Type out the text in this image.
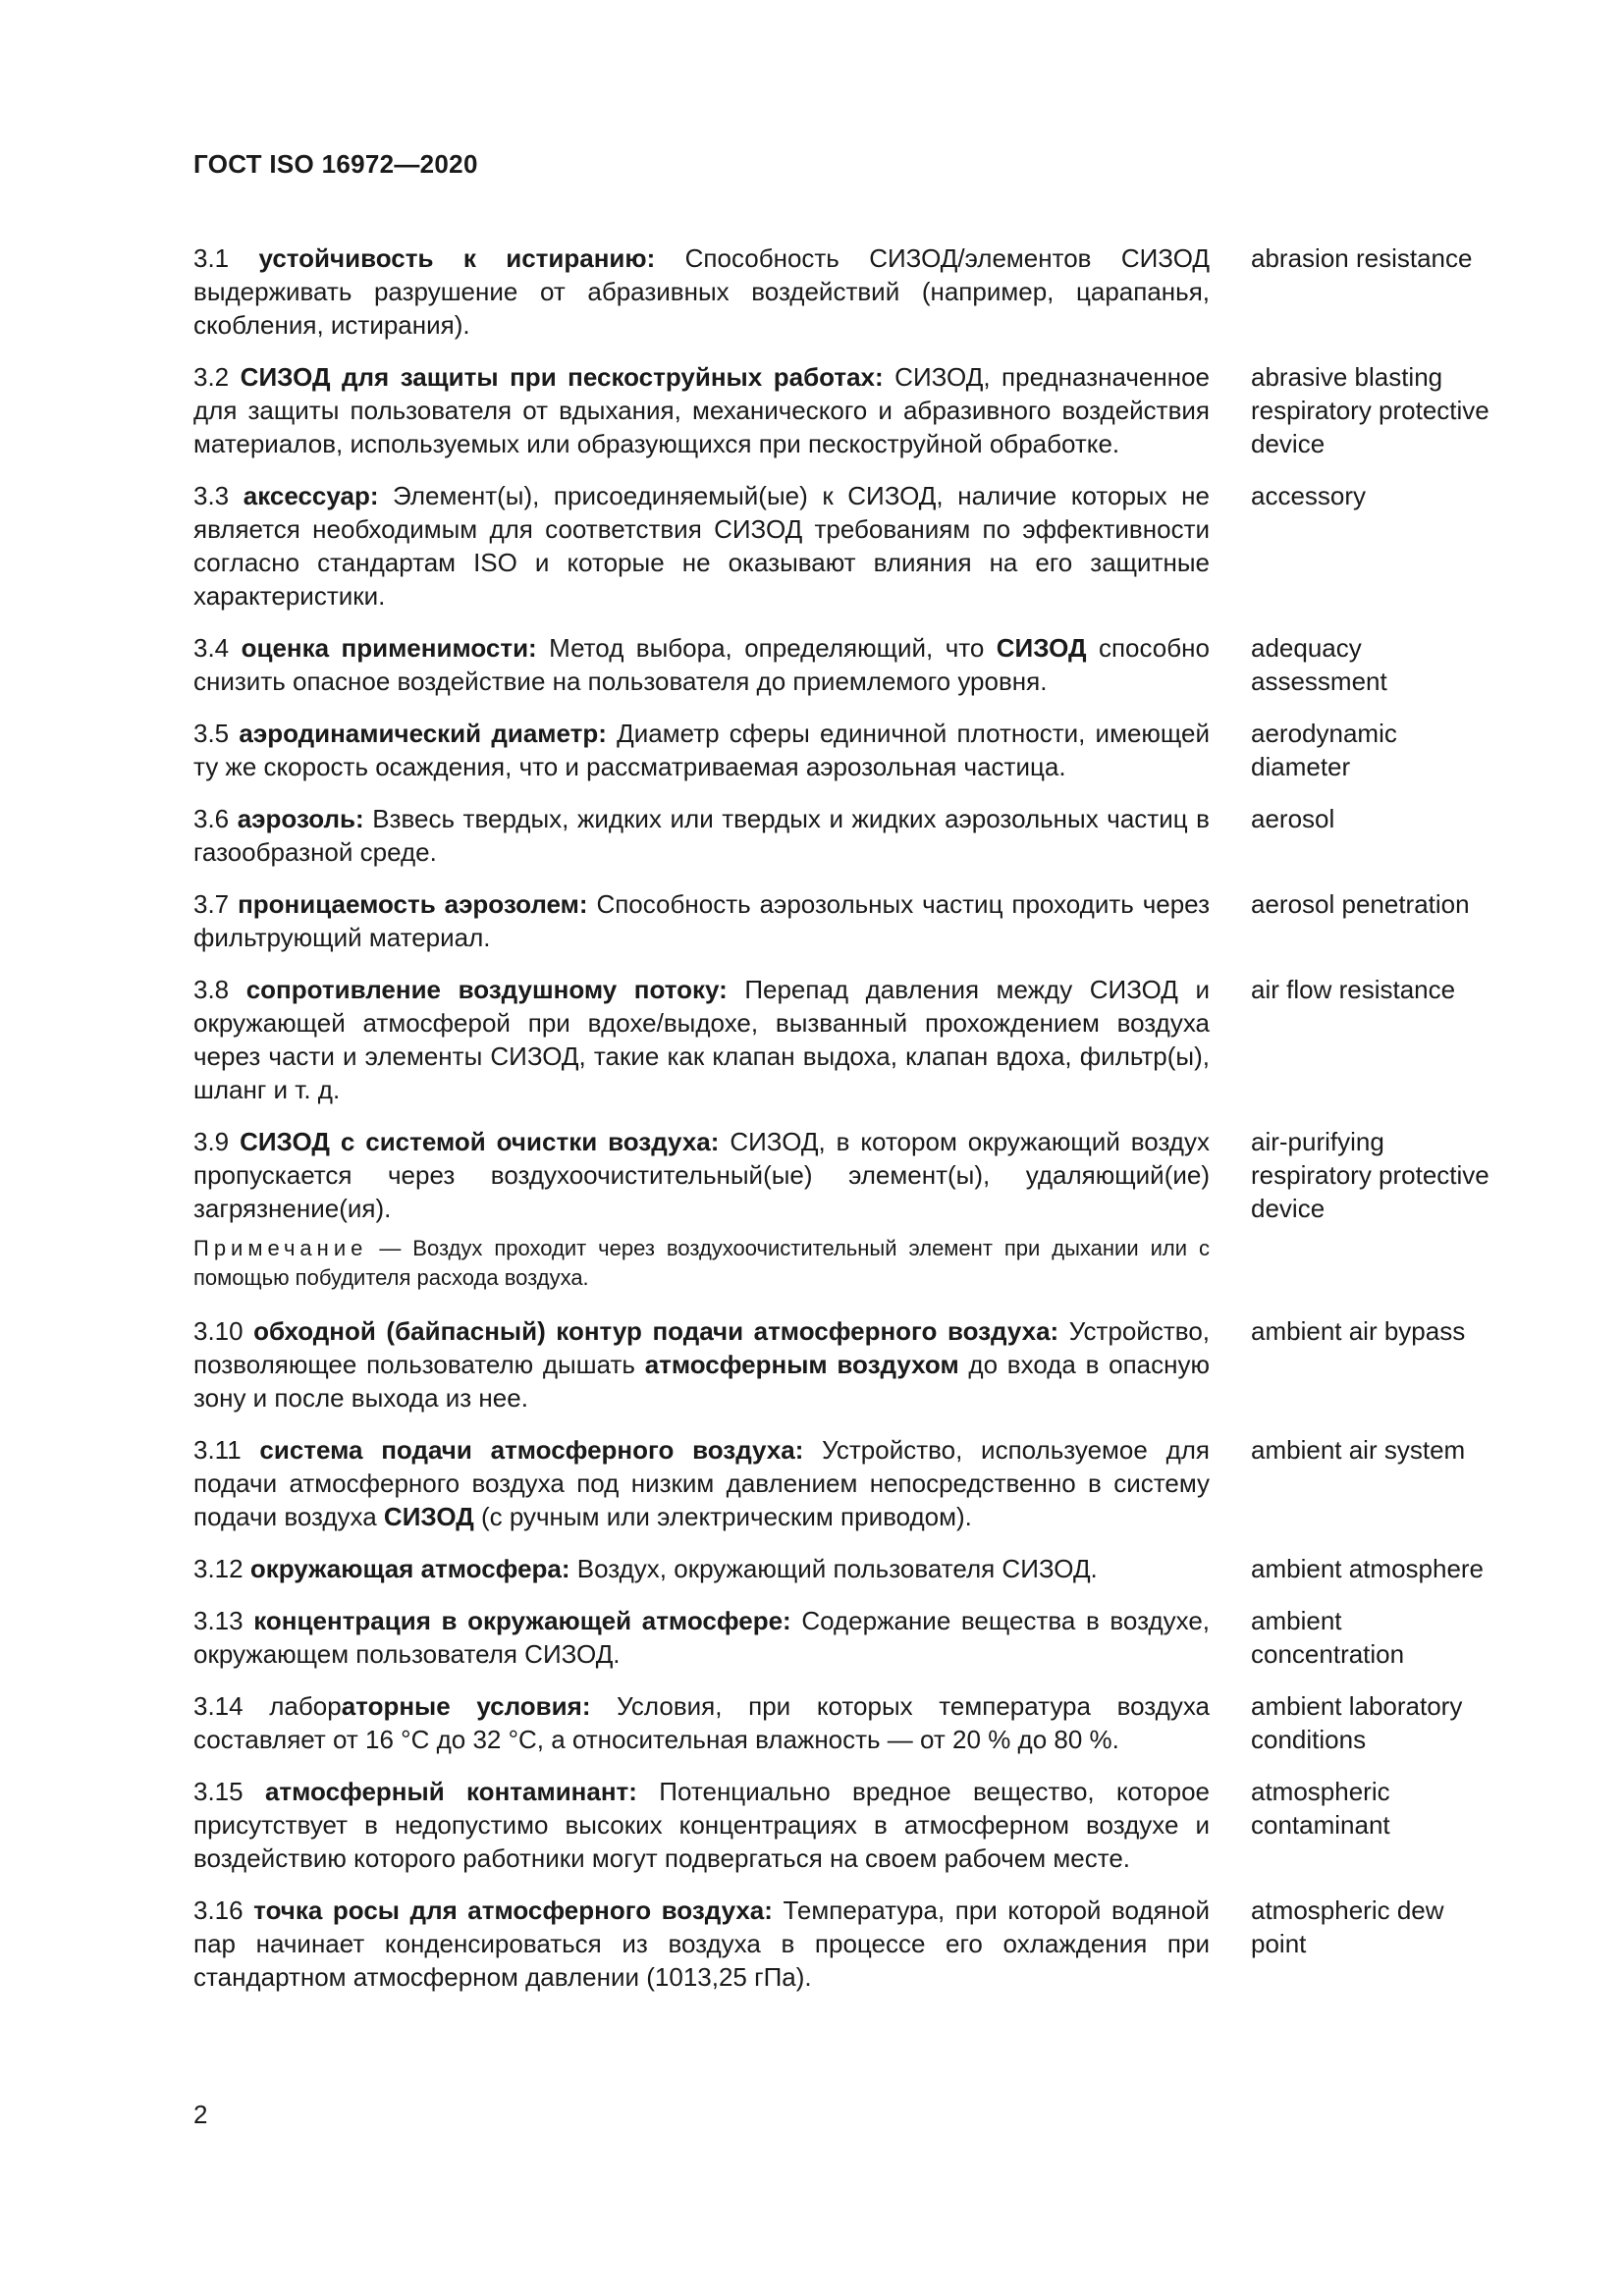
ГОСТ ISO 16972—2020
3.1 устойчивость к истиранию: Способность СИЗОД/элементов СИЗОД выдерживать разрушение от абразивных воздействий (например, царапанья, скобления, истирания).
abrasion resistance
3.2 СИЗОД для защиты при пескоструйных работах: СИЗОД, предназначенное для защиты пользователя от вдыхания, механического и абразивного воздействия материалов, используемых или образующихся при пескоструйной обработке.
abrasive blasting respiratory protective device
3.3 аксессуар: Элемент(ы), присоединяемый(ые) к СИЗОД, наличие которых не является необходимым для соответствия СИЗОД требованиям по эффективности согласно стандартам ISO и которые не оказывают влияния на его защитные характеристики.
accessory
3.4 оценка применимости: Метод выбора, определяющий, что СИЗОД способно снизить опасное воздействие на пользователя до приемлемого уровня.
adequacy assessment
3.5 аэродинамический диаметр: Диаметр сферы единичной плотности, имеющей ту же скорость осаждения, что и рассматриваемая аэрозольная частица.
aerodynamic diameter
3.6 аэрозоль: Взвесь твердых, жидких или твердых и жидких аэрозольных частиц в газообразной среде.
aerosol
3.7 проницаемость аэрозолем: Способность аэрозольных частиц проходить через фильтрующий материал.
aerosol penetration
3.8 сопротивление воздушному потоку: Перепад давления между СИЗОД и окружающей атмосферой при вдохе/выдохе, вызванный прохождением воздуха через части и элементы СИЗОД, такие как клапан выдоха, клапан вдоха, фильтр(ы), шланг и т. д.
air flow resistance
3.9 СИЗОД с системой очистки воздуха: СИЗОД, в котором окружающий воздух пропускается через воздухоочистительный(ые) элемент(ы), удаляющий(ие) загрязнение(ия).
air-purifying respiratory protective device
Примечание — Воздух проходит через воздухоочистительный элемент при дыхании или с помощью побудителя расхода воздуха.
3.10 обходной (байпасный) контур подачи атмосферного воздуха: Устройство, позволяющее пользователю дышать атмосферным воздухом до входа в опасную зону и после выхода из нее.
ambient air bypass
3.11 система подачи атмосферного воздуха: Устройство, используемое для подачи атмосферного воздуха под низким давлением непосредственно в систему подачи воздуха СИЗОД (с ручным или электрическим приводом).
ambient air system
3.12 окружающая атмосфера: Воздух, окружающий пользователя СИЗОД.	ambient atmosphere
3.13 концентрация в окружающей атмосфере: Содержание вещества в воздухе, окружающем пользователя СИЗОД.
ambient concentration
3.14 лабораторные условия: Условия, при которых температура воздуха составляет от 16 °С до 32 °С, а относительная влажность — от 20 % до 80 %.
ambient laboratory conditions
3.15 атмосферный контаминант: Потенциально вредное вещество, которое присутствует в недопустимо высоких концентрациях в атмосферном воздухе и воздействию которого работники могут подвергаться на своем рабочем месте.
atmospheric contaminant
3.16 точка росы для атмосферного воздуха: Температура, при которой водяной пар начинает конденсироваться из воздуха в процессе его охлаждения при стандартном атмосферном давлении (1013,25 гПа).
atmospheric dew point
2
